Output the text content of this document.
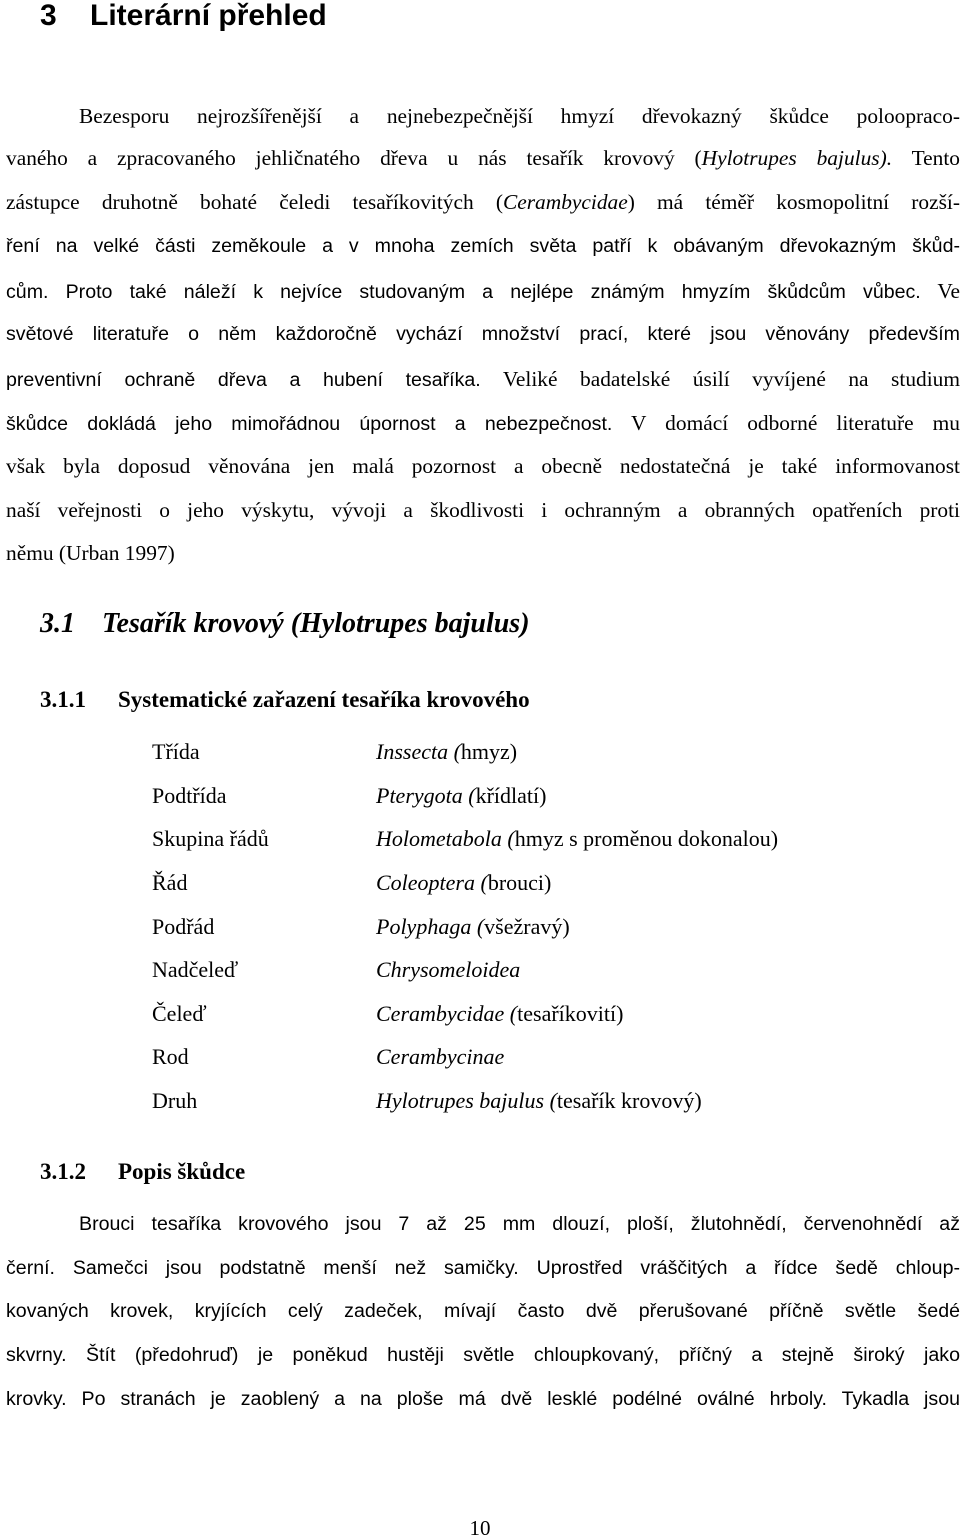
3 Literární přehled
Bezesporu nejrozšířenější a nejnebezpečnější hmyzí dřevokazný škůdce poloopraco-
vaného a zpracovaného jehličnatého dřeva u nás tesařík krovový (Hylotrupes bajulus). Tento
zástupce druhotně bohaté čeledi tesaříkovitých (Cerambycidae) má téměř kosmopolitní rozší-
ření na velké části zeměkoule a v mnoha zemích světa patří k obávaným dřevokazným škůd-
cům. Proto také náleží k nejvíce studovaným a nejlépe známým hmyzím škůdcům vůbec. Ve
světové literatuře o něm každoročně vychází množství prací, které jsou věnovány především
preventivní ochraně dřeva a hubení tesaříka. Veliké badatelské úsilí vyvíjené na studium
škůdce dokládá jeho mimořádnou úpornost a nebezpečnost. V domácí odborné literatuře mu
však byla doposud věnována jen malá pozornost a obecně nedostatečná je také informovanost
naší veřejnosti o jeho výskytu, vývoji a škodlivosti i ochranným a obranných opatřeních proti
němu (Urban 1997)
3.1 Tesařík krovový (Hylotrupes bajulus)
3.1.1 Systematické zařazení tesaříka krovového
Třída	Inssecta (hmyz)
Podtřída	Pterygota (křídlatí)
Skupina řádů	Holometabola (hmyz s proměnou dokonalou)
Řád	Coleoptera (brouci)
Podřád	Polyphaga (všežravý)
Nadčeleď	Chrysomeloidea
Čeleď	Cerambycidae (tesaříkovití)
Rod	Cerambycinae
Druh	Hylotrupes bajulus (tesařík krovový)
3.1.2 Popis škůdce
Brouci tesaříka krovového jsou 7 až 25 mm dlouzí, ploší, žlutohnědí, červenohnědí až
černí. Samečci jsou podstatně menší než samičky. Uprostřed vráščitých a řídce šedě chloup-
kovaných krovek, kryjících celý zadeček, mívají často dvě přerušované příčně světle šedé
skvrny. Štít (předohruď) je poněkud hustěji světle chloupkovaný, příčný a stejně široký jako
krovky. Po stranách je zaoblený a na ploše má dvě lesklé podélné oválné hrboly. Tykadla jsou
10
